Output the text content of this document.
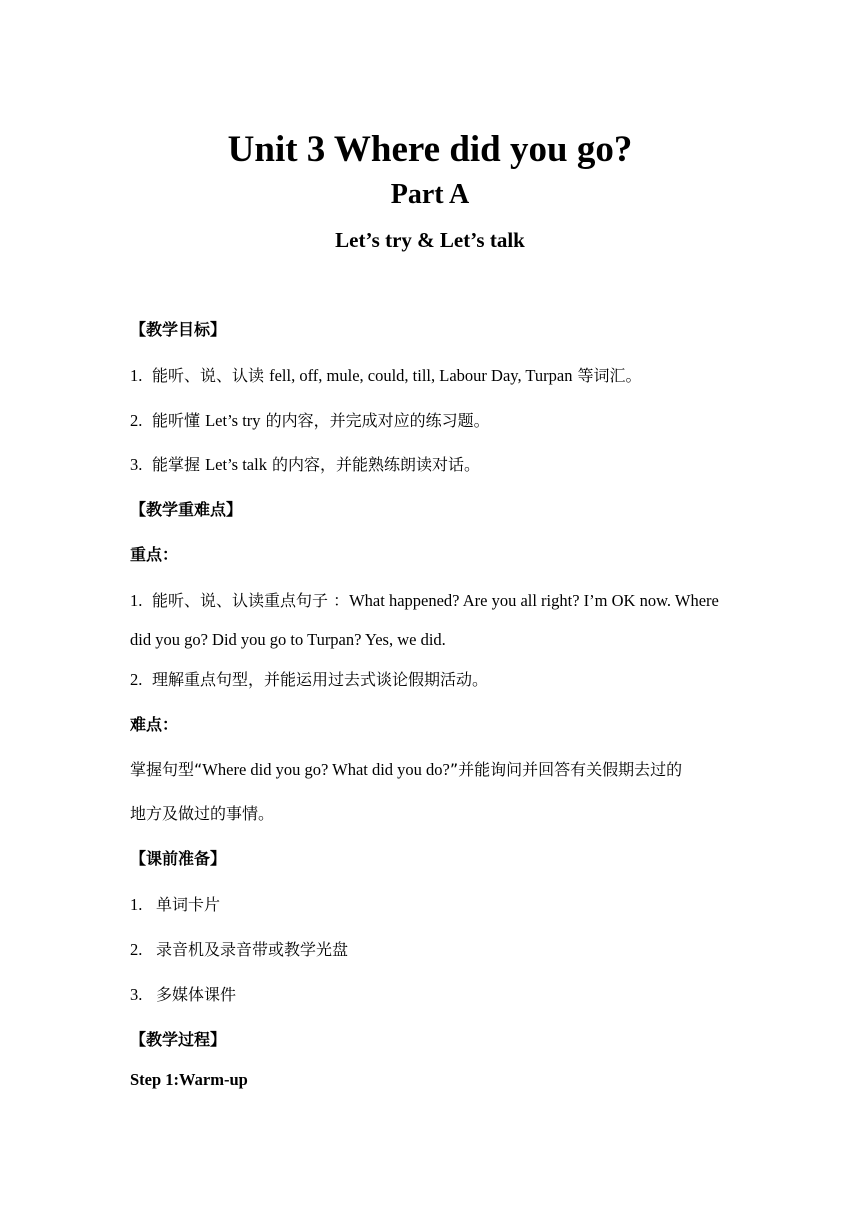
Unit 3 Where did you go?
Part A
Let’s try & Let’s talk
【教学目标】
1. 能听、说、认读 fell, off, mule, could, till, Labour Day, Turpan 等词汇。
2. 能听懂 Let’s try 的内容，并完成对应的练习题。
3. 能掌握 Let’s talk 的内容，并能熟练朗读对话。
【教学重难点】
重点：
1. 能听、说、认读重点句子 ：What happened? Are you all right? I’m OK now. Where
did you go? Did you go to Turpan? Yes, we did.
2. 理解重点句型，并能运用过去式谈论假期活动。
难点：
掌握句型“Where did you go? What did you do?”并能询问并回答有关假期去过的
地方及做过的事情。
【课前准备】
1. 单词卡片
2. 录音机及录音带或教学光盘
3. 多媒体课件
【教学过程】
Step 1:Warm-up
